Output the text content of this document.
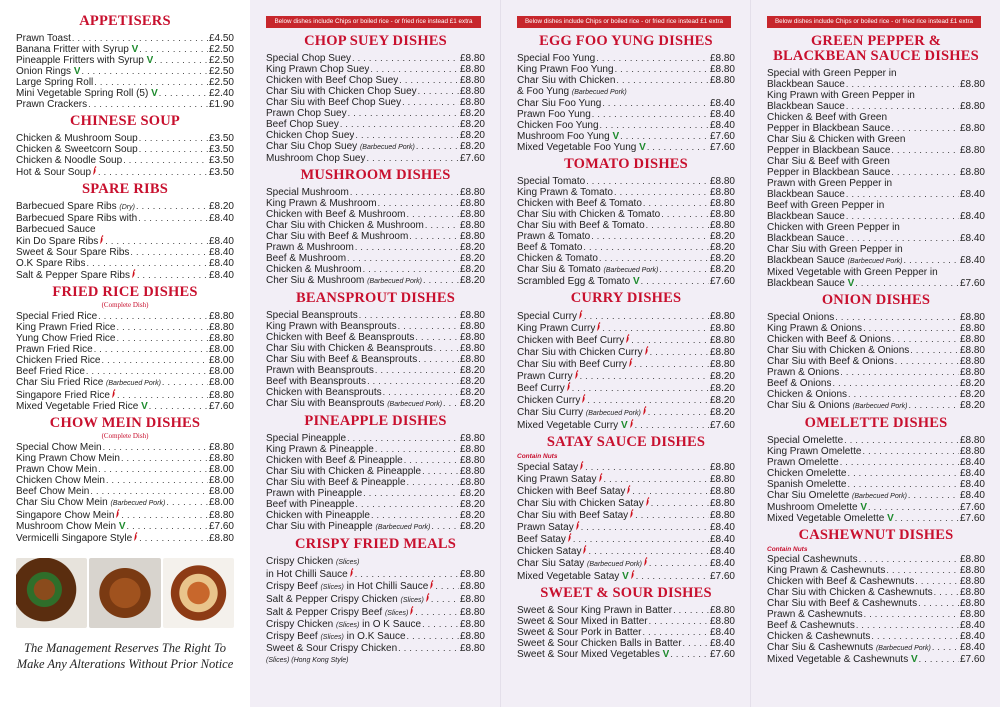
APPETISERS
Prawn Toast . . .	£4.50
Banana Fritter with Syrup V . . .	£2.50
Pineapple Fritters with Syrup V . . .	£2.50
Onion Rings V . . .	£2.50
Large Spring Roll . . .	£2.50
Mini Vegetable Spring Roll (5) V . . .	£2.40
Prawn Crackers . . .	£1.90
CHINESE SOUP
Chicken & Mushroom Soup . . .	£3.50
Chicken & Sweetcorn Soup . . .	£3.50
Chicken & Noodle Soup . . .	£3.50
Hot & Sour Soup . . .	£3.50
SPARE RIBS
Barbecued Spare Ribs (Dry) . . .	£8.20
Barbecued Spare Ribs with . . .	£8.40
Barbecued Sauce
Kin Do Spare Ribs . . .	£8.40
Sweet & Sour Spare Ribs . . .	£8.40
O.K Spare Ribs . . .	£8.40
Salt & Pepper Spare Ribs . . .	£8.40
FRIED RICE DISHES
(Complete Dish)
Special Fried Rice . . .	£8.80
King Prawn Fried Rice . . .	£8.80
Yung Chow Fried Rice . . .	£8.80
Prawn Fried Rice . . .	£8.00
Chicken Fried Rice . . .	£8.00
Beef Fried Rice . . .	£8.00
Char Siu Fried Rice (Barbecued Pork) . . .	£8.00
Singapore Fried Rice . . .	£8.80
Mixed Vegetable Fried Rice V . . .	£7.60
CHOW MEIN DISHES
(Complete Dish)
Special Chow Mein . . .	£8.80
King Prawn Chow Mein . . .	£8.80
Prawn Chow Mein . . .	£8.00
Chicken Chow Mein . . .	£8.00
Beef Chow Mein . . .	£8.00
Char Siu Chow Mein (Barbecued Pork) . . .	£8.00
Singapore Chow Mein . . .	£8.80
Mushroom Chow Mein V . . .	£7.60
Vermicelli Singapore Style . . .	£8.80
The Management Reserves The Right To Make Any Alterations Without Prior Notice
Below dishes include Chips or boiled rice - or fried rice instead £1 extra
CHOP SUEY DISHES
Special Chop Suey . . .	£8.80
King Prawn Chop Suey . . .	£8.80
Chicken with Beef Chop Suey . . .	£8.80
Char Siu with Chicken Chop Suey . . .	£8.80
Char Siu with Beef Chop Suey . . .	£8.80
Prawn Chop Suey . . .	£8.20
Beef Chop Suey . . .	£8.20
Chicken Chop Suey . . .	£8.20
Char Siu Chop Suey (Barbecued Pork) . . .	£8.20
Mushroom Chop Suey . . .	£7.60
MUSHROOM DISHES
Special Mushroom . . .	£8.80
King Prawn & Mushroom . . .	£8.80
Chicken with Beef & Mushroom . . .	£8.80
Char Siu with Chicken & Mushroom . . .	£8.80
Char Siu with Beef & Mushroom . . .	£8.80
Prawn & Mushroom . . .	£8.20
Beef & Mushroom . . .	£8.20
Chicken & Mushroom . . .	£8.20
Cher Siu & Mushroom (Barbecued Pork) . . .	£8.20
BEANSPROUT DISHES
Special Beansprouts . . .	£8.80
King Prawn with Beansprouts . . .	£8.80
Chicken with Beef & Beansprouts . . .	£8.80
Char Siu with Chicken & Beansprouts . . .	£8.80
Char Siu with Beef & Beansprouts . . .	£8.80
Prawn with Beansprouts . . .	£8.20
Beef with Beansprouts . . .	£8.20
Chicken with Beansprouts . . .	£8.20
Char Siu with Beansprouts (Barbecued Pork) . . . £8.20
PINEAPPLE DISHES
Special Pineapple . . .	£8.80
King Prawn & Pineapple . . .	£8.80
Chicken with Beef & Pineapple . . .	£8.80
Char Siu with Chicken & Pineapple . . .	£8.80
Char Siu with Beef & Pineapple . . .	£8.80
Prawn with Pineapple . . .	£8.20
Beef with Pineapple . . .	£8.20
Chicken with Pineapple . . .	£8.20
Char Siu with Pineapple (Barbecued Pork) . . .	£8.20
CRISPY FRIED MEALS
Crispy Chicken (Slices)
in Hot Chilli Sauce . . .	£8.80
Crispy Beef (Slices) in Hot Chilli Sauce . . .	£8.80
Salt & Pepper Crispy Chicken (Slices) . . .	£8.80
Salt & Pepper Crispy Beef (Slices) . . .	£8.80
Crispy Chicken (Slices) in O K Sauce . . .	£8.80
Crispy Beef (Slices) in O.K Sauce . . .	£8.80
Sweet & Sour Crispy Chicken . . .	£8.80
(Slices) (Hong Kong Style)
Below dishes include Chips or boiled rice - or fried rice instead £1 extra
EGG FOO YUNG DISHES
Special Foo Yung . . .	£8.80
King Prawn Foo Yung . . .	£8.80
Char Siu with Chicken . . .	£8.80
& Foo Yung (Barbecued Pork)
Char Siu Foo Yung . . .	£8.40
Prawn Foo Yung . . .	£8.40
Chicken Foo Yung . . .	£8.40
Mushroom Foo Yung V . . .	£7.60
Mixed Vegetable Foo Yung V . . .	£7.60
TOMATO DISHES
Special Tomato . . .	£8.80
King Prawn & Tomato . . .	£8.80
Chicken with Beef & Tomato . . .	£8.80
Char Siu with Chicken & Tomato . . .	£8.80
Char Siu with Beef & Tomato . . .	£8.80
Prawn & Tomato . . .	£8.20
Beef & Tomato . . .	£8.20
Chicken & Tomato . . .	£8.20
Char Siu & Tomato (Barbecued Pork) . . .	£8.20
Scrambled Egg & Tomato V . . .	£7.60
CURRY DISHES
Special Curry . . .	£8.80
King Prawn Curry . . .	£8.80
Chicken with Beef Curry . . .	£8.80
Char Siu with Chicken Curry . . .	£8.80
Char Siu with Beef Curry . . .	£8.80
Prawn Curry . . .	£8.20
Beef Curry . . .	£8.20
Chicken Curry . . .	£8.20
Char Siu Curry (Barbecued Pork) . . .	£8.20
Mixed Vegetable Curry V . . .	£7.60
SATAY SAUCE DISHES
Contain Nuts
Special Satay . . .	£8.80
King Prawn Satay . . .	£8.80
Chicken with Beef Satay . . .	£8.80
Char Siu with Chicken Satay . . .	£8.80
Char Siu with Beef Satay . . .	£8.80
Prawn Satay . . .	£8.40
Beef Satay . . .	£8.40
Chicken Satay . . .	£8.40
Char Siu Satay (Barbecued Pork) . . .	£8.40
Mixed Vegetable Satay V . . .	£7.60
SWEET & SOUR DISHES
Sweet & Sour King Prawn in Batter . . .	£8.80
Sweet & Sour Mixed in Batter . . .	£8.80
Sweet & Sour Pork in Batter . . .	£8.40
Sweet & Sour Chicken Balls in Batter . . .	£8.40
Sweet & Sour Mixed Vegetables V . . .	£7.60
Below dishes include Chips or boiled rice - or fried rice instead £1 extra
GREEN PEPPER & BLACKBEAN SAUCE DISHES
Special with Green Pepper in
Blackbean Sauce . . .	£8.80
King Prawn with Green Pepper in
Blackbean Sauce . . .	£8.80
Chicken & Beef with Green
Pepper in Blackbean Sauce . . .	£8.80
Char Siu & Chicken with Green
Pepper in Blackbean Sauce . . .	£8.80
Char Siu & Beef with Green
Pepper in Blackbean Sauce . . .	£8.80
Prawn with Green Pepper in
Blackbean Sauce . . .	£8.40
Beef with Green Pepper in
Blackbean Sauce . . .	£8.40
Chicken with Green Pepper in
Blackbean Sauce . . .	£8.40
Char Siu with Green Pepper in
Blackbean Sauce (Barbecued Pork) . . .	£8.40
Mixed Vegetable with Green Pepper in
Blackbean Sauce V . . .	£7.60
ONION DISHES
Special Onions . . .	£8.80
King Prawn & Onions . . .	£8.80
Chicken with Beef & Onions . . .	£8.80
Char Siu with Chicken & Onions . . .	£8.80
Char Siu with Beef & Onions . . .	£8.80
Prawn & Onions . . .	£8.80
Beef & Onions . . .	£8.20
Chicken & Onions . . .	£8.20
Char Siu & Onions (Barbecued Pork) . . .	£8.20
OMELETTE DISHES
Special Omelette . . .	£8.80
King Prawn Omelette . . .	£8.80
Prawn Omelette . . .	£8.40
Chicken Omelette . . .	£8.40
Spanish Omelette . . .	£8.40
Char Siu Omelette (Barbecued Pork) . . .	£8.40
Mushroom Omelette V . . .	£7.60
Mixed Vegetable Omelette V . . .	£7.60
CASHEWNUT DISHES
Contain Nuts
Special Cashewnuts . . .	£8.80
King Prawn & Cashewnuts . . .	£8.80
Chicken with Beef & Cashewnuts . . .	£8.80
Char Siu with Chicken & Cashewnuts . . .	£8.80
Char Siu with Beef & Cashewnuts . . .	£8.80
Prawn & Cashewnuts . . .	£8.80
Beef & Cashewnuts . . .	£8.40
Chicken & Cashewnuts . . .	£8.40
Char Siu & Cashewnuts (Barbecued Pork) . . .	£8.40
Mixed Vegetable & Cashewnuts V . . .	£7.60
